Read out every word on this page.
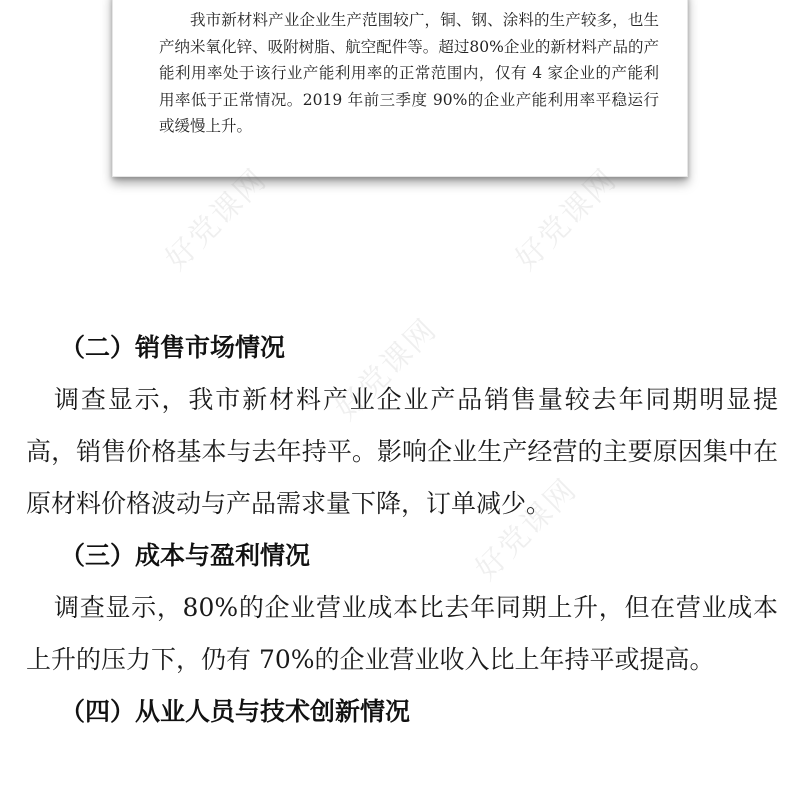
我市新材料产业企业生产范围较广，铜、钢、涂料的生产较多，也生产纳米氧化锌、吸附树脂、航空配件等。超过80%企业的新材料产品的产能利用率处于该行业产能利用率的正常范围内，仅有 4 家企业的产能利用率低于正常情况。2019 年前三季度 90%的企业产能利用率平稳运行或缓慢上升。

好党课网	好党课网
好党课网
好党课网
（二）销售市场情况

调查显示，我市新材料产业企业产品销售量较去年同期明显提高，销售价格基本与去年持平。影响企业生产经营的主要原因集中在原材料价格波动与产品需求量下降，订单减少。

（三）成本与盈利情况

调查显示，80%的企业营业成本比去年同期上升，但在营业成本上升的压力下，仍有 70%的企业营业收入比上年持平或提高。

（四）从业人员与技术创新情况
